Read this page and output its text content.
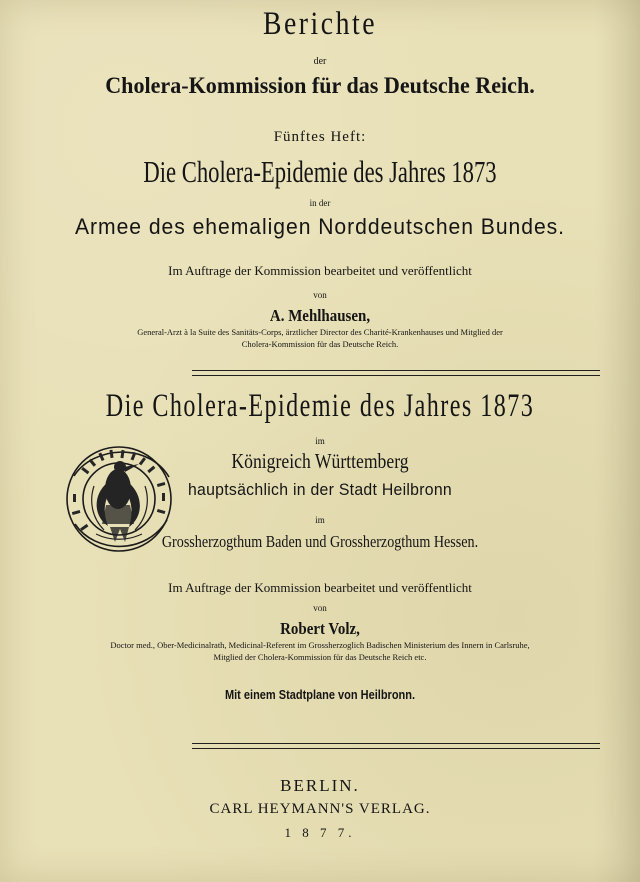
Berichte
der
Cholera-Kommission für das Deutsche Reich.
Fünftes Heft:
Die Cholera-Epidemie des Jahres 1873
in der
Armee des ehemaligen Norddeutschen Bundes.
Im Auftrage der Kommission bearbeitet und veröffentlicht
von
A. Mehlhausen,
General-Arzt à la Suite des Sanitäts-Corps, ärztlicher Director des Charité-Krankenhauses und Mitglied der
Cholera-Kommission für das Deutsche Reich.
Die Cholera-Epidemie des Jahres 1873
im
Königreich Württemberg
hauptsächlich in der Stadt Heilbronn
im
Grossherzogthum Baden und Grossherzogthum Hessen.
Im Auftrage der Kommission bearbeitet und veröffentlicht
von
Robert Volz,
Doctor med., Ober-Medicinalrath, Medicinal-Referent im Grossherzoglich Badischen Ministerium des Innern in Carlsruhe,
Mitglied der Cholera-Kommission für das Deutsche Reich etc.
Mit einem Stadtplane von Heilbronn.
BERLIN.
CARL HEYMANN'S VERLAG.
1 8 7 7.
